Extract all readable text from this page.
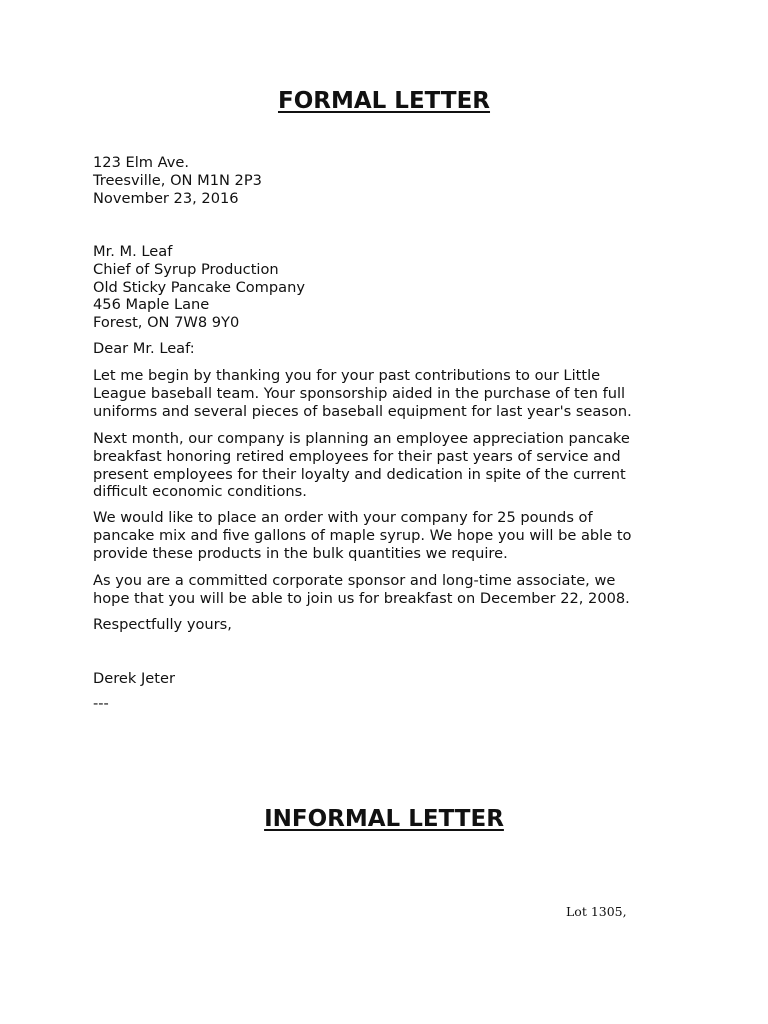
FORMAL LETTER
123 Elm Ave.
Treesville, ON M1N 2P3
November 23, 2016
Mr. M. Leaf
Chief of Syrup Production
Old Sticky Pancake Company
456 Maple Lane
Forest, ON 7W8 9Y0
Dear Mr. Leaf:
Let me begin by thanking you for your past contributions to our Little
League baseball team. Your sponsorship aided in the purchase of ten full
uniforms and several pieces of baseball equipment for last year's season.
Next month, our company is planning an employee appreciation pancake
breakfast honoring retired employees for their past years of service and
present employees for their loyalty and dedication in spite of the current
difficult economic conditions.
We would like to place an order with your company for 25 pounds of
pancake mix and five gallons of maple syrup. We hope you will be able to
provide these products in the bulk quantities we require.
As you are a committed corporate sponsor and long-time associate, we
hope that you will be able to join us for breakfast on December 22, 2008.
Respectfully yours,
Derek Jeter
---
INFORMAL LETTER
Lot 1305,
